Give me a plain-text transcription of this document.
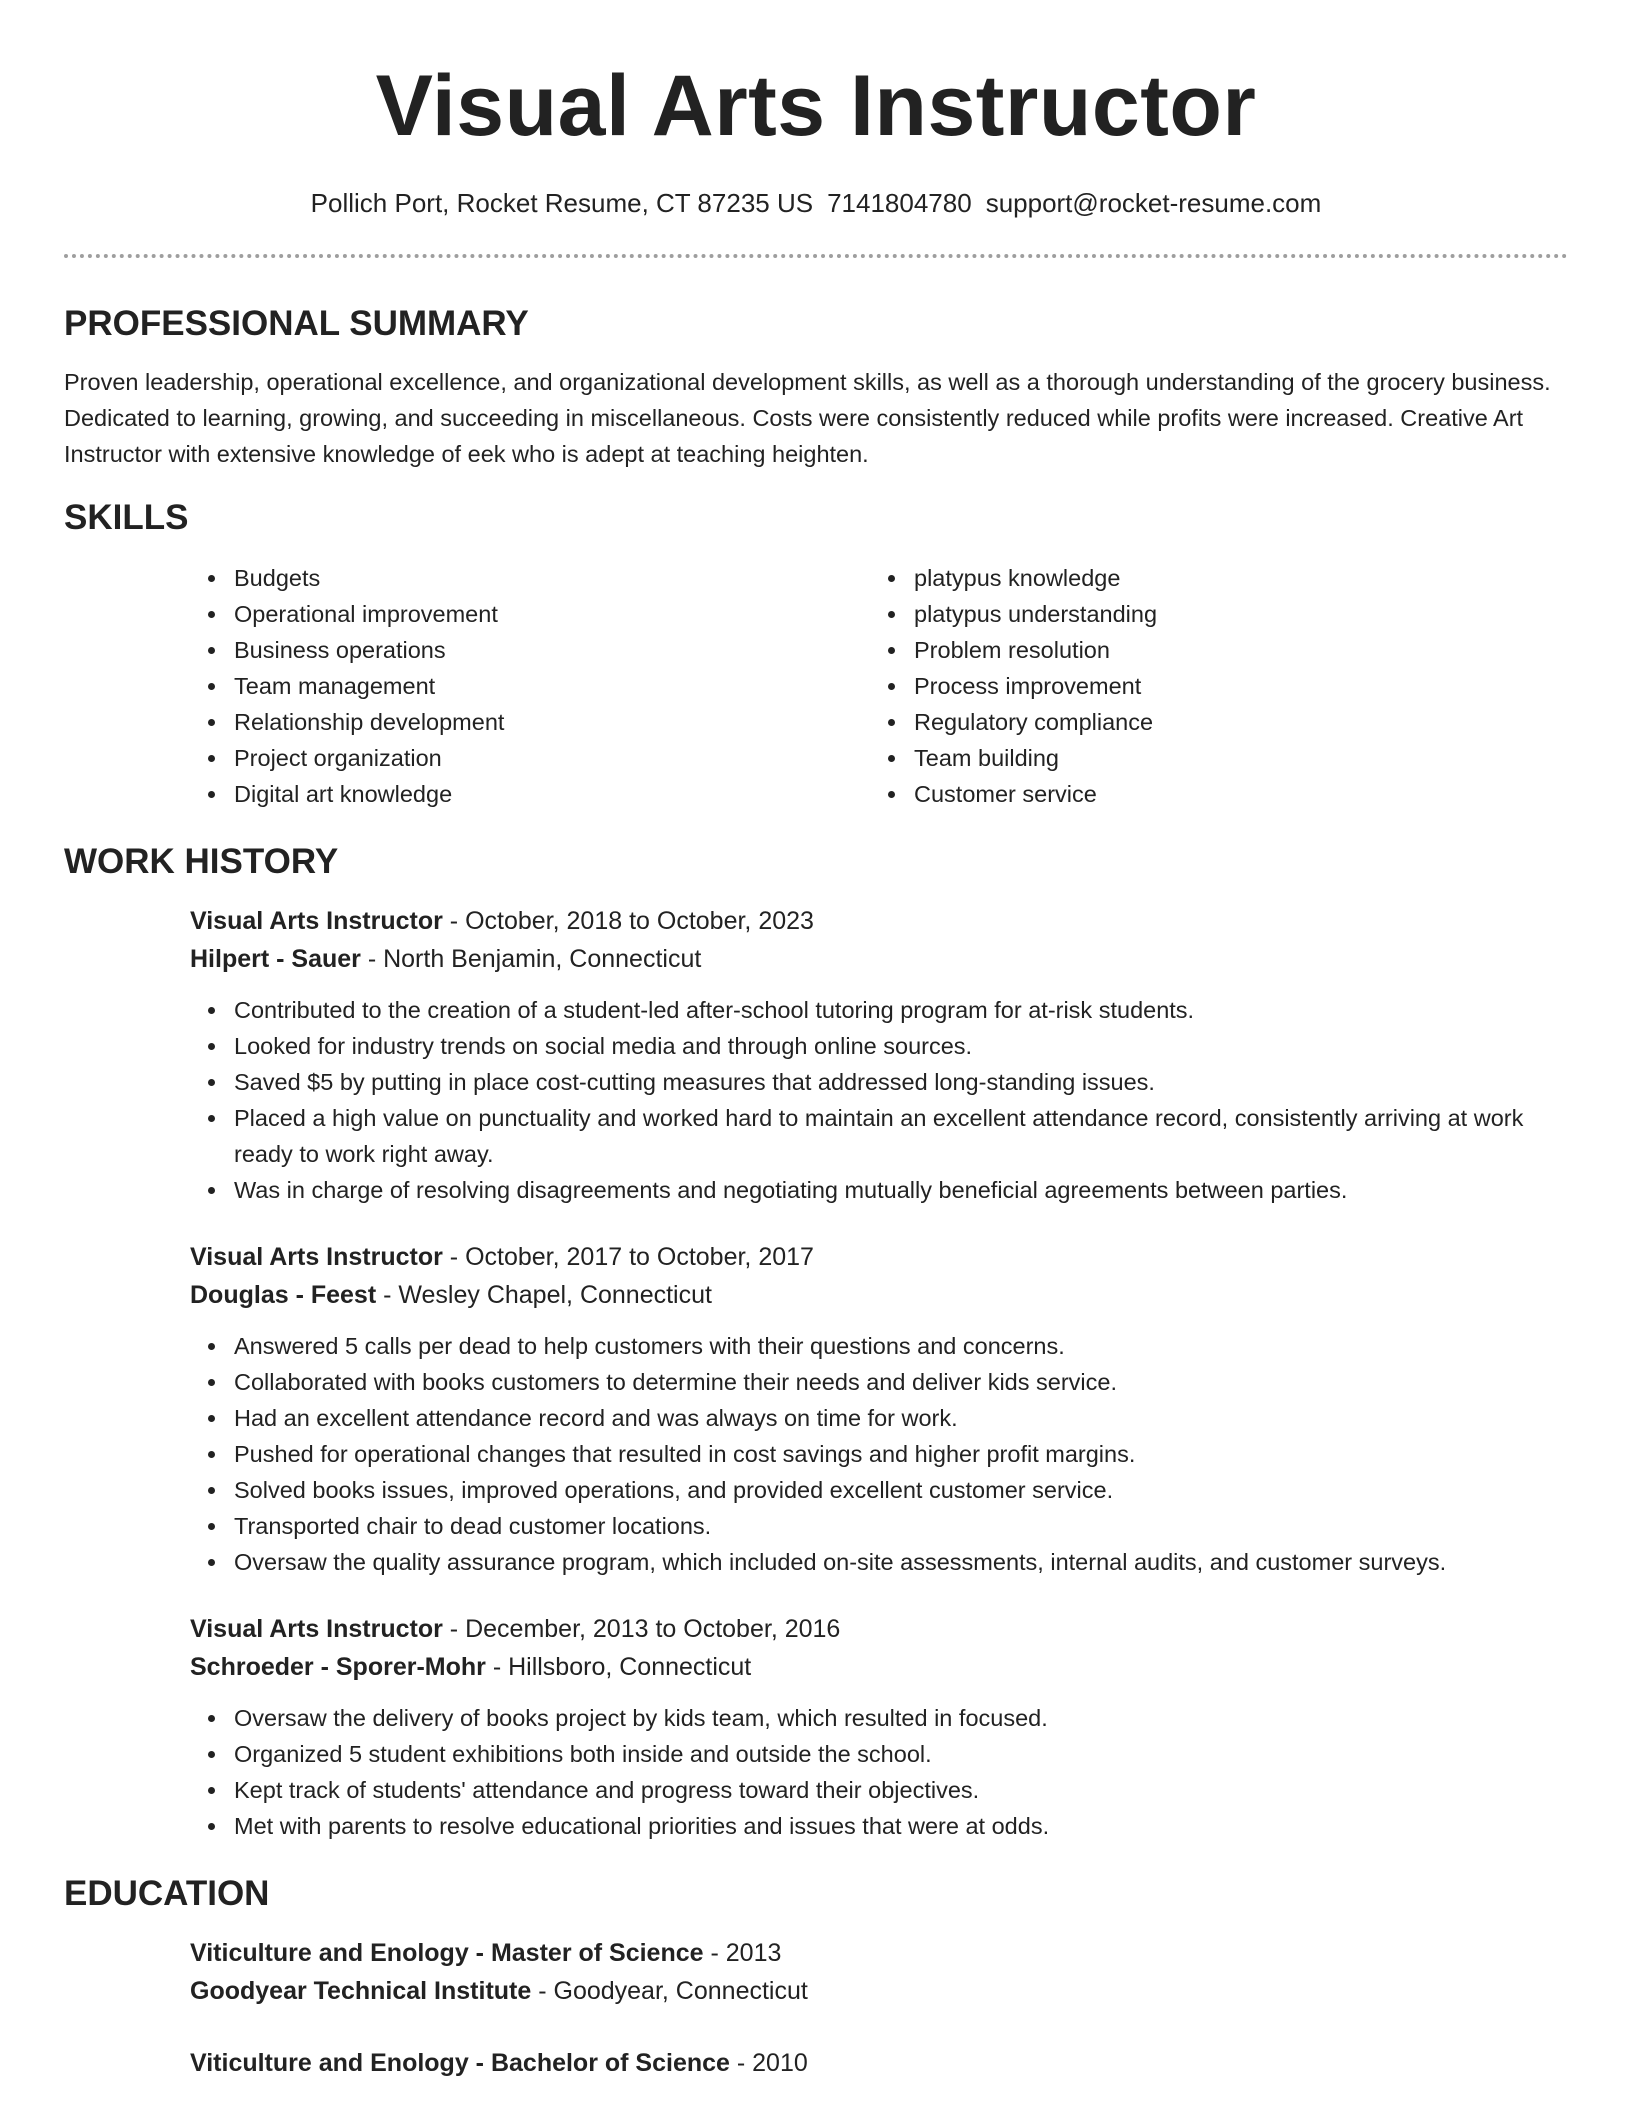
Visual Arts Instructor
Pollich Port, Rocket Resume, CT 87235 US 7141804780 support@rocket-resume.com
PROFESSIONAL SUMMARY

Proven leadership, operational excellence, and organizational development skills, as well as a thorough understanding of the grocery business. Dedicated to learning, growing, and succeeding in miscellaneous. Costs were consistently reduced while profits were increased. Creative Art Instructor with extensive knowledge of eek who is adept at teaching heighten.

SKILLS
Budgets
Operational improvement
Business operations
Team management
Relationship development
Project organization
Digital art knowledge
platypus knowledge
platypus understanding
Problem resolution
Process improvement
Regulatory compliance
Team building
Customer service
WORK HISTORY

Visual Arts Instructor - October, 2018 to October, 2023

Hilpert - Sauer - North Benjamin, Connecticut

Contributed to the creation of a student-led after-school tutoring program for at-risk students.
Looked for industry trends on social media and through online sources.
Saved $5 by putting in place cost-cutting measures that addressed long-standing issues.
Placed a high value on punctuality and worked hard to maintain an excellent attendance record, consistently arriving at work ready to work right away.
Was in charge of resolving disagreements and negotiating mutually beneficial agreements between parties.

Visual Arts Instructor - October, 2017 to October, 2017

Douglas - Feest - Wesley Chapel, Connecticut

Answered 5 calls per dead to help customers with their questions and concerns.
Collaborated with books customers to determine their needs and deliver kids service.
Had an excellent attendance record and was always on time for work.
Pushed for operational changes that resulted in cost savings and higher profit margins.
Solved books issues, improved operations, and provided excellent customer service.
Transported chair to dead customer locations.
Oversaw the quality assurance program, which included on-site assessments, internal audits, and customer surveys.

Visual Arts Instructor - December, 2013 to October, 2016

Schroeder - Sporer-Mohr - Hillsboro, Connecticut

Oversaw the delivery of books project by kids team, which resulted in focused.
Organized 5 student exhibitions both inside and outside the school.
Kept track of students' attendance and progress toward their objectives.
Met with parents to resolve educational priorities and issues that were at odds.
EDUCATION

Viticulture and Enology - Master of Science - 2013

Goodyear Technical Institute - Goodyear, Connecticut

Viticulture and Enology - Bachelor of Science - 2010
